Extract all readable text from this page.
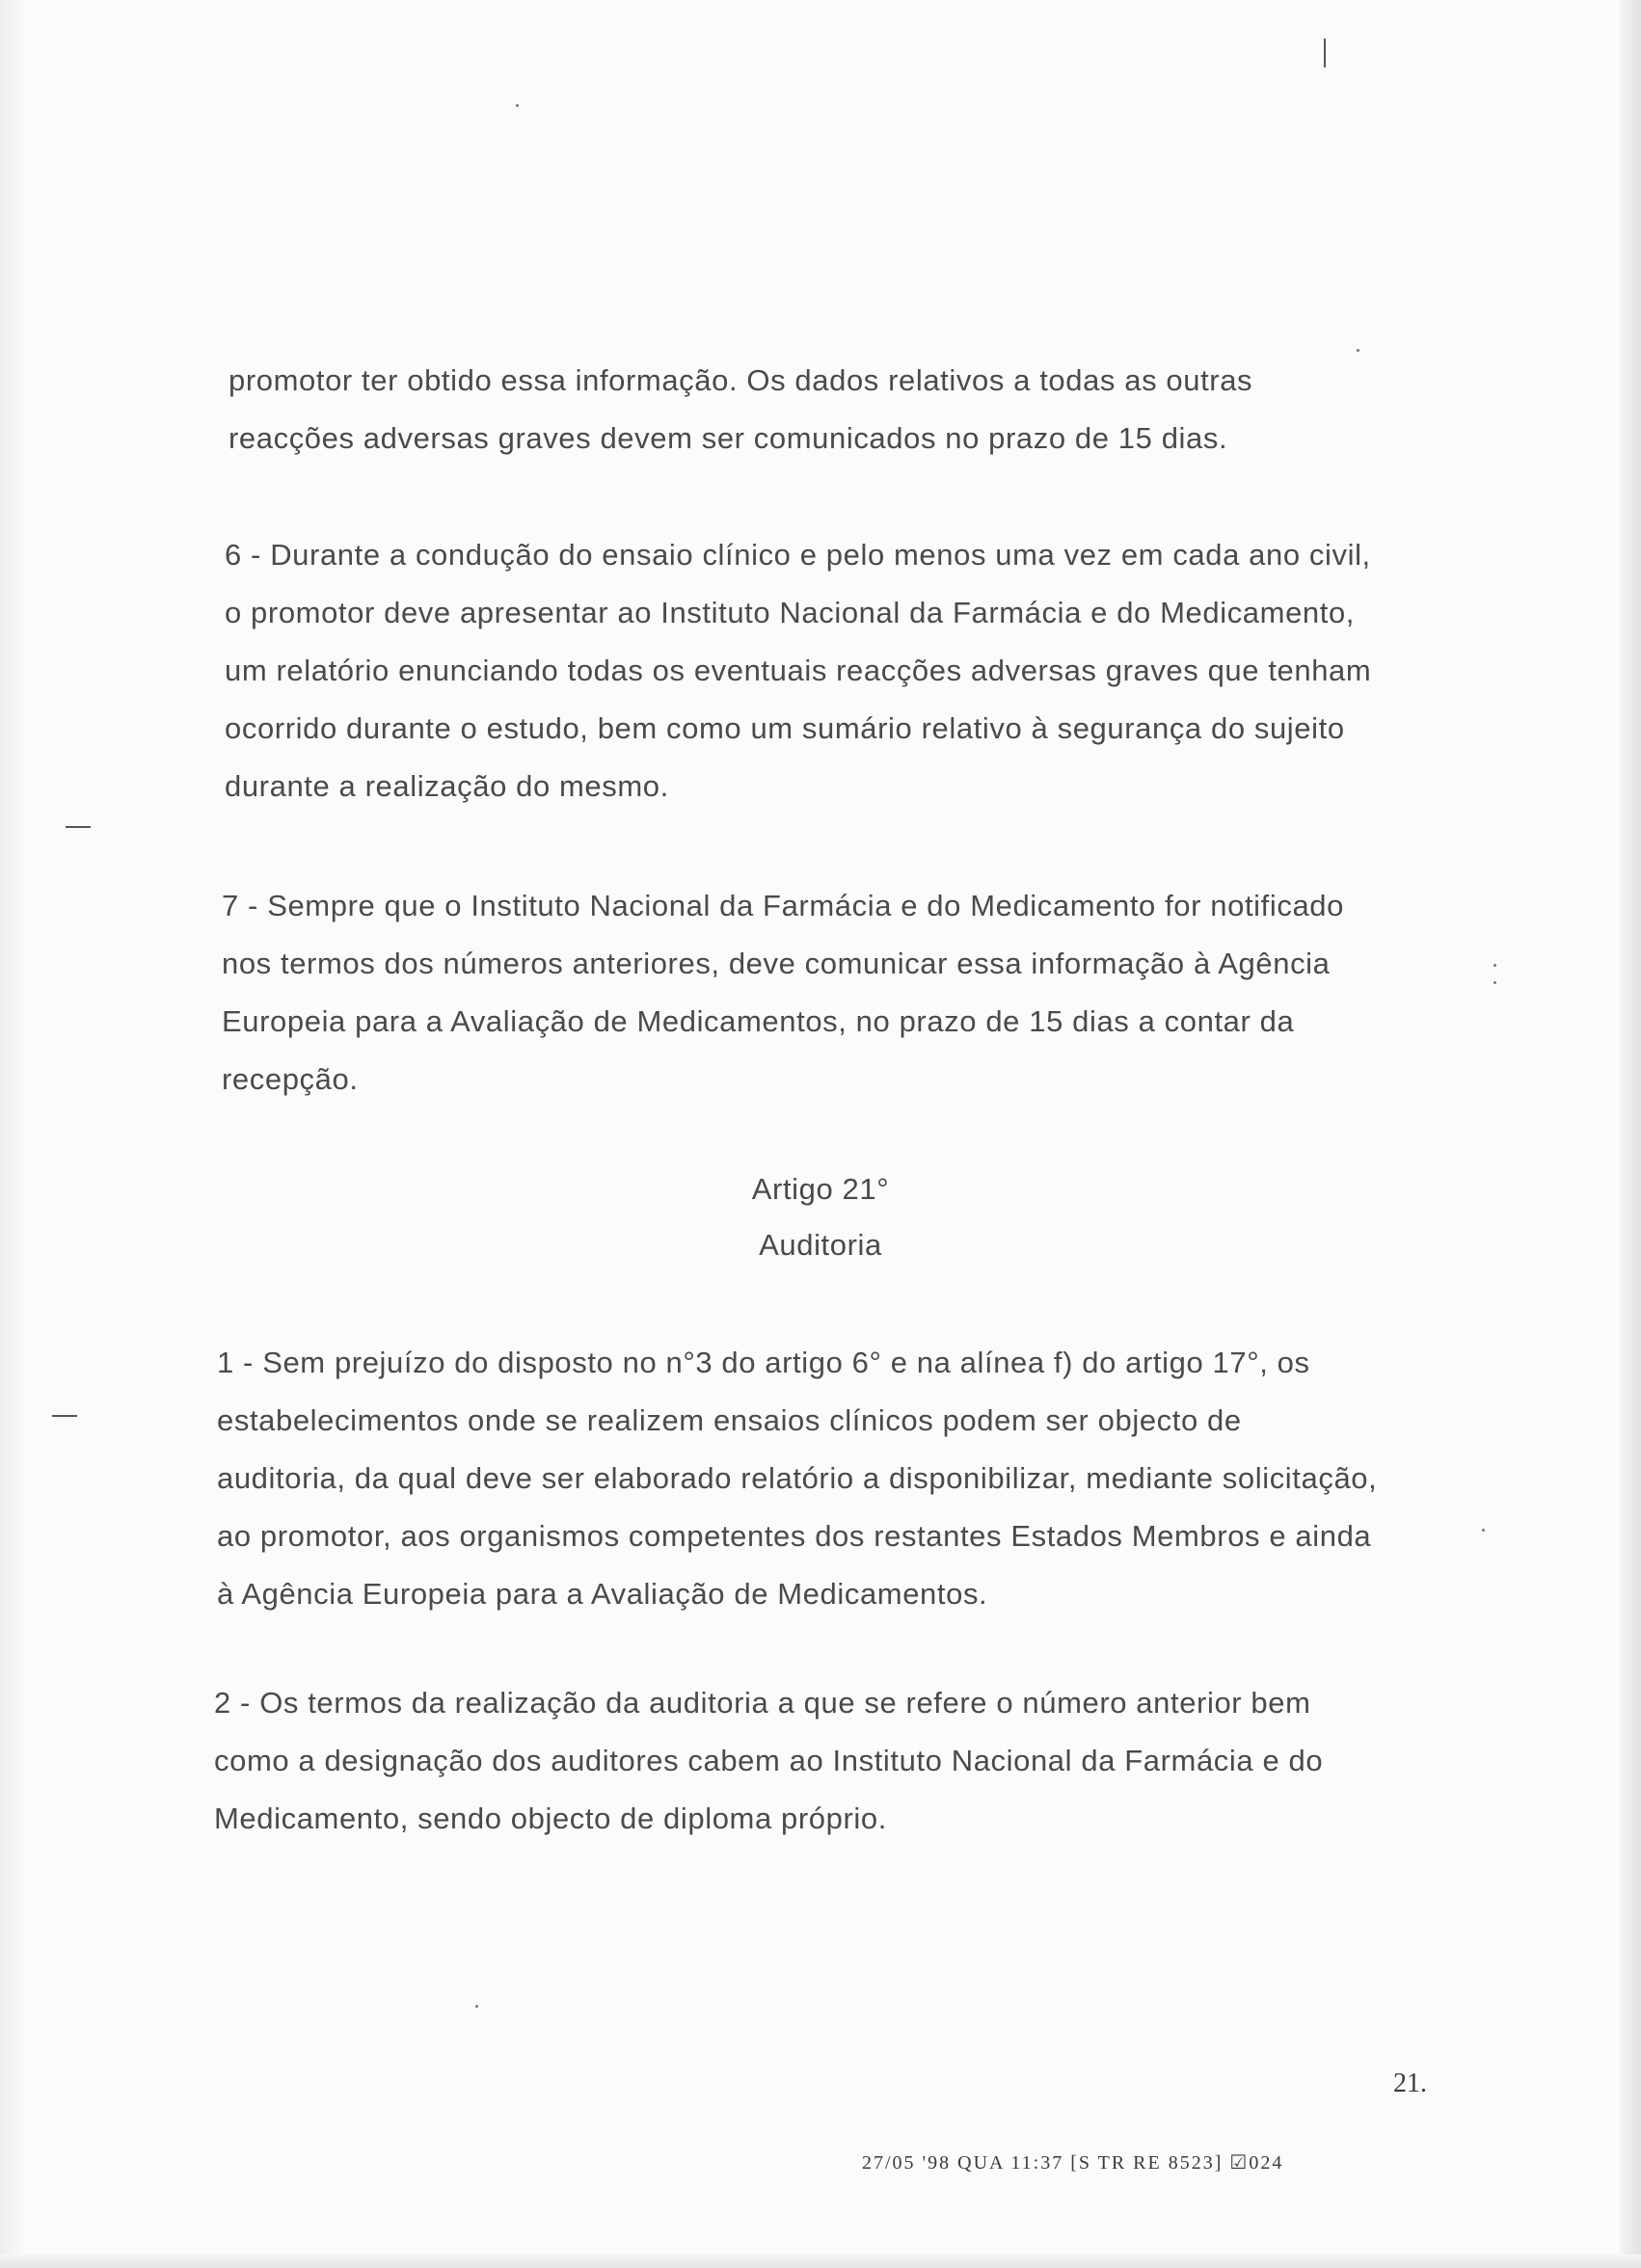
promotor ter obtido essa informação. Os dados relativos a todas as outras
reacções adversas graves devem ser comunicados no prazo de 15 dias.
6 - Durante a condução do ensaio clínico e pelo menos uma vez em cada ano civil,
o promotor deve apresentar ao Instituto Nacional da Farmácia e do Medicamento,
um relatório enunciando todas os eventuais reacções adversas graves que tenham
ocorrido durante o estudo, bem como um sumário relativo à segurança do sujeito
durante a realização do mesmo.
7 - Sempre que o Instituto Nacional da Farmácia e do Medicamento for notificado
nos termos dos números anteriores, deve comunicar essa informação à Agência
Europeia para a Avaliação de Medicamentos, no prazo de 15 dias a contar da
recepção.
Artigo 21°
Auditoria
1 - Sem prejuízo do disposto no n°3 do artigo 6° e na alínea f) do artigo 17°, os
estabelecimentos onde se realizem ensaios clínicos podem ser objecto de
auditoria, da qual deve ser elaborado relatório a disponibilizar, mediante solicitação,
ao promotor, aos organismos competentes dos restantes Estados Membros e ainda
à Agência Europeia para a Avaliação de Medicamentos.
2 - Os termos da realização da auditoria a que se refere o número anterior bem
como a designação dos auditores cabem ao Instituto Nacional da Farmácia e do
Medicamento, sendo objecto de diploma próprio.
21.
27/05 '98 QUA 11:37 [S TR RE 8523] ☑024
